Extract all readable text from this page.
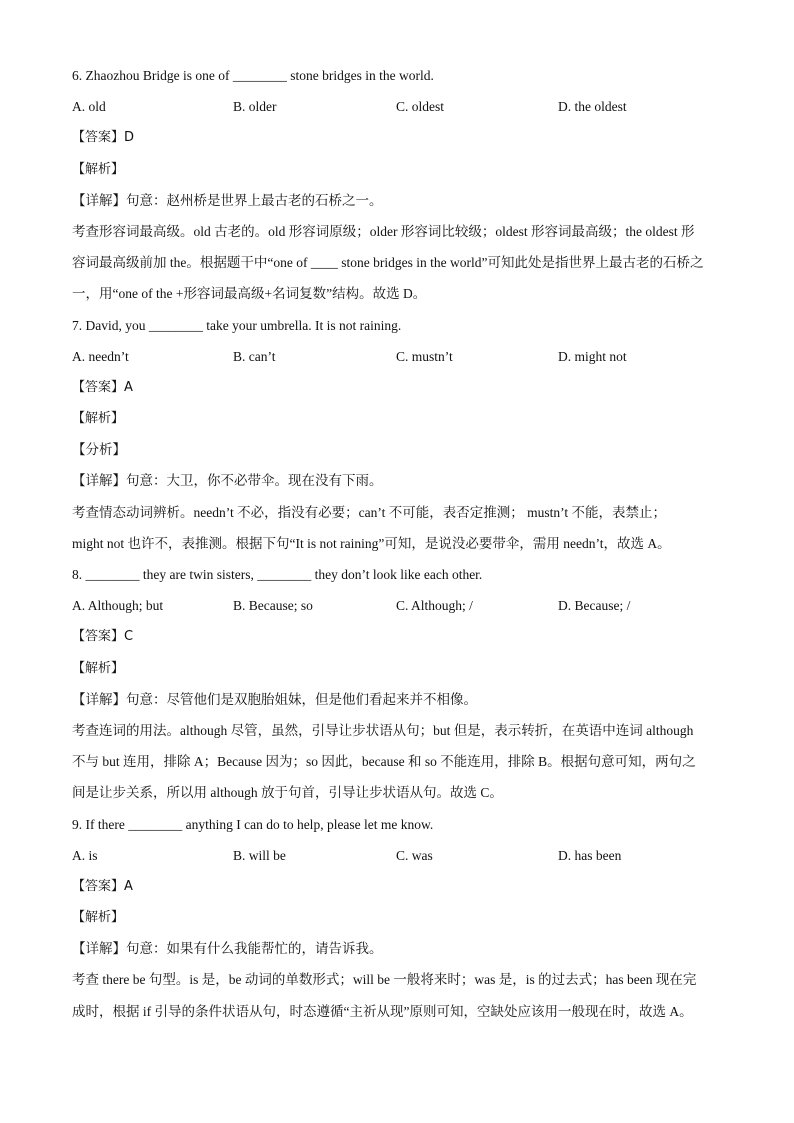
6. Zhaozhou Bridge is one of ________ stone bridges in the world.
A. old	B. older	C. oldest	D. the oldest
【答案】D
【解析】
【详解】句意：赵州桥是世界上最古老的石桥之一。
考查形容词最高级。old 古老的。old 形容词原级；older 形容词比较级；oldest 形容词最高级；the oldest 形
容词最高级前加 the。根据题干中“one of ____ stone bridges in the world”可知此处是指世界上最古老的石桥之
一，用“one of the +形容词最高级+名词复数”结构。故选 D。
7. David, you ________ take your umbrella. It is not raining.
A. needn’t	B. can’t	C. mustn’t	D. might not
【答案】A
【解析】
【分析】
【详解】句意：大卫，你不必带伞。现在没有下雨。
考查情态动词辨析。needn’t 不必，指没有必要；can’t 不可能，表否定推测； mustn’t 不能，表禁止；
might not 也许不，表推测。根据下句“It is not raining”可知，是说没必要带伞，需用 needn’t，故选 A。
8. ________ they are twin sisters, ________ they don’t look like each other.
A. Although; but	B. Because; so	C. Although; /	D. Because; /
【答案】C
【解析】
【详解】句意：尽管他们是双胞胎姐妹，但是他们看起来并不相像。
考查连词的用法。although 尽管，虽然，引导让步状语从句；but 但是，表示转折，在英语中连词 although
不与 but 连用，排除 A；Because 因为；so 因此，because 和 so 不能连用，排除 B。根据句意可知，两句之
间是让步关系，所以用 although 放于句首，引导让步状语从句。故选 C。
9. If there ________ anything I can do to help, please let me know.
A. is	B. will be	C. was	D. has been
【答案】A
【解析】
【详解】句意：如果有什么我能帮忙的，请告诉我。
考查 there be 句型。is 是，be 动词的单数形式；will be 一般将来时；was 是，is 的过去式；has been 现在完
成时，根据 if 引导的条件状语从句，时态遵循“主祈从现”原则可知，空缺处应该用一般现在时，故选 A。
